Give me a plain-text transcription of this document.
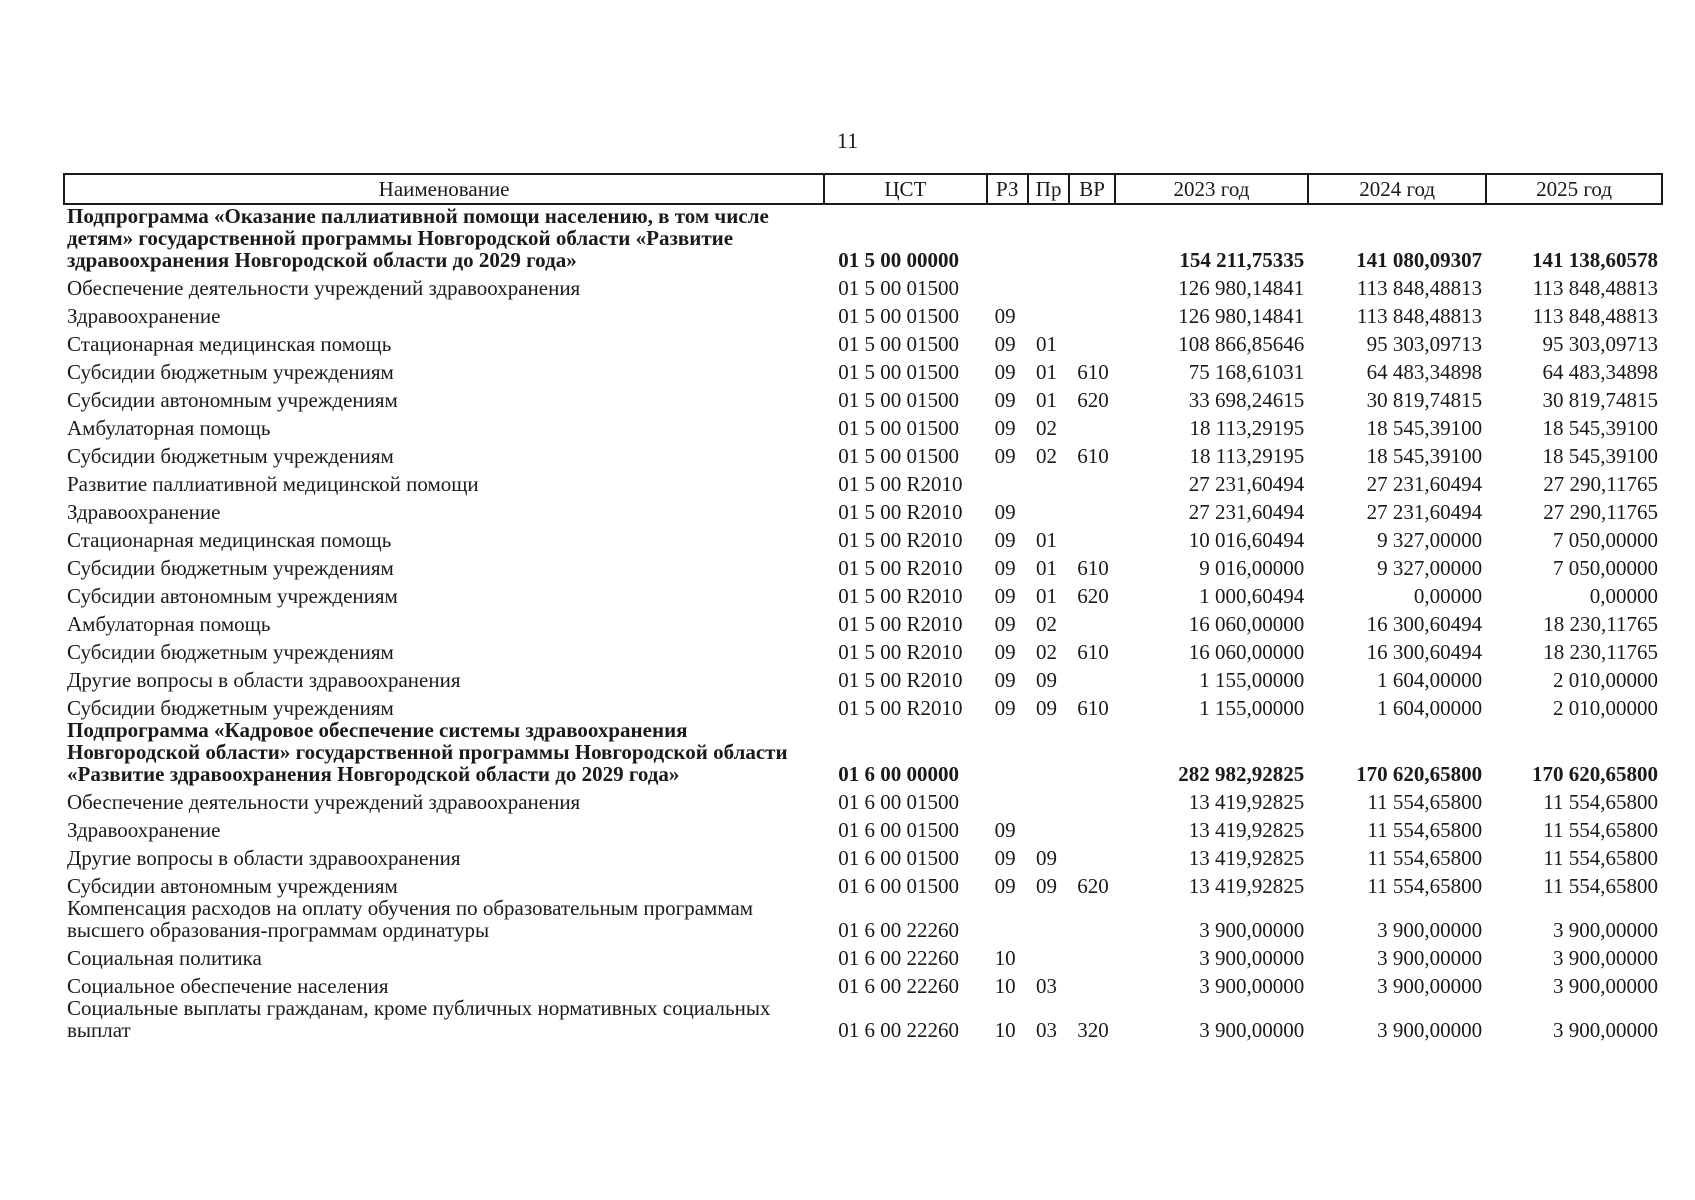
11
Наименование	ЦСТ	РЗ	Пр	ВР	2023 год	2024 год	2025 год
Подпрограмма «Оказание паллиативной помощи населению, в том числе детям» государственной программы Новгородской области «Развитие здравоохранения Новгородской области до 2029 года»	01 5 00 00000				154 211,75335	141 080,09307	141 138,60578
Обеспечение деятельности учреждений здравоохранения	01 5 00 01500				126 980,14841	113 848,48813	113 848,48813
Здравоохранение	01 5 00 01500	09			126 980,14841	113 848,48813	113 848,48813
Стационарная медицинская помощь	01 5 00 01500	09	01		108 866,85646	95 303,09713	95 303,09713
Субсидии бюджетным учреждениям	01 5 00 01500	09	01	610	75 168,61031	64 483,34898	64 483,34898
Субсидии автономным учреждениям	01 5 00 01500	09	01	620	33 698,24615	30 819,74815	30 819,74815
Амбулаторная помощь	01 5 00 01500	09	02		18 113,29195	18 545,39100	18 545,39100
Субсидии бюджетным учреждениям	01 5 00 01500	09	02	610	18 113,29195	18 545,39100	18 545,39100
Развитие паллиативной медицинской помощи	01 5 00 R2010				27 231,60494	27 231,60494	27 290,11765
Здравоохранение	01 5 00 R2010	09			27 231,60494	27 231,60494	27 290,11765
Стационарная медицинская помощь	01 5 00 R2010	09	01		10 016,60494	9 327,00000	7 050,00000
Субсидии бюджетным учреждениям	01 5 00 R2010	09	01	610	9 016,00000	9 327,00000	7 050,00000
Субсидии автономным учреждениям	01 5 00 R2010	09	01	620	1 000,60494	0,00000	0,00000
Амбулаторная помощь	01 5 00 R2010	09	02		16 060,00000	16 300,60494	18 230,11765
Субсидии бюджетным учреждениям	01 5 00 R2010	09	02	610	16 060,00000	16 300,60494	18 230,11765
Другие вопросы в области здравоохранения	01 5 00 R2010	09	09		1 155,00000	1 604,00000	2 010,00000
Субсидии бюджетным учреждениям	01 5 00 R2010	09	09	610	1 155,00000	1 604,00000	2 010,00000
Подпрограмма «Кадровое обеспечение системы здравоохранения Новгородской области» государственной программы Новгородской области «Развитие здравоохранения Новгородской области до 2029 года»	01 6 00 00000				282 982,92825	170 620,65800	170 620,65800
Обеспечение деятельности учреждений здравоохранения	01 6 00 01500				13 419,92825	11 554,65800	11 554,65800
Здравоохранение	01 6 00 01500	09			13 419,92825	11 554,65800	11 554,65800
Другие вопросы в области здравоохранения	01 6 00 01500	09	09		13 419,92825	11 554,65800	11 554,65800
Субсидии автономным учреждениям	01 6 00 01500	09	09	620	13 419,92825	11 554,65800	11 554,65800
Компенсация расходов на оплату обучения по образовательным программам высшего образования-программам ординатуры	01 6 00 22260				3 900,00000	3 900,00000	3 900,00000
Социальная политика	01 6 00 22260	10			3 900,00000	3 900,00000	3 900,00000
Социальное обеспечение населения	01 6 00 22260	10	03		3 900,00000	3 900,00000	3 900,00000
Социальные выплаты гражданам, кроме публичных нормативных социальных выплат	01 6 00 22260	10	03	320	3 900,00000	3 900,00000	3 900,00000
